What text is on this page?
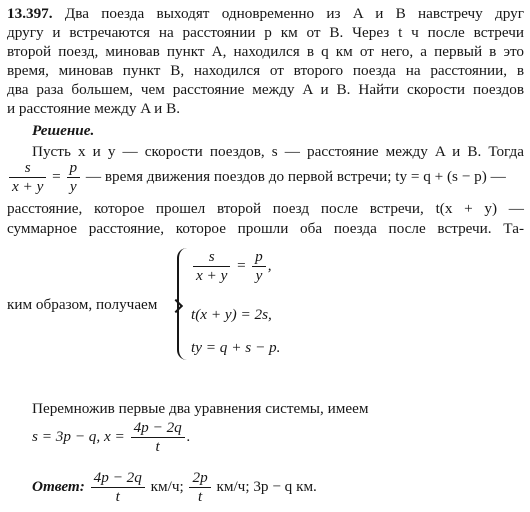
13.397. Два поезда выходят одновременно из A и B навстречу друг
другу и встречаются на расстоянии p км от B. Через t ч после встречи
второй поезд, миновав пункт A, находился в q км от него, а первый в это
время, миновав пункт B, находился от второго поезда на расстоянии, в
два раза большем, чем расстояние между A и B. Найти скорости поездов
и расстояние между A и B.
Решение.
Пусть x и y — скорости поездов, s — расстояние между A и B. Тогда
$\frac{s}{x + y} = \frac{p}{y}$ — время движения поездов до первой встречи; ty = q + (s − p) —
расстояние, которое прошел второй поезд после встречи, t(x + y) —
суммарное расстояние, которое прошли оба поезда после встречи. Та-
ким образом, получаем
$\frac{s}{x + y} = \frac{p}{y}$ ,
t(x + y) = 2s,
ty = q + s − p.
Перемножив первые два уравнения системы, имеем
s = 3p − q, $x = \frac{4p - 2q}{t}$ .
Ответ: $\frac{4p - 2q}{t} км/ч$; $\frac{2p}{t} км/ч$; 3p − q км.
